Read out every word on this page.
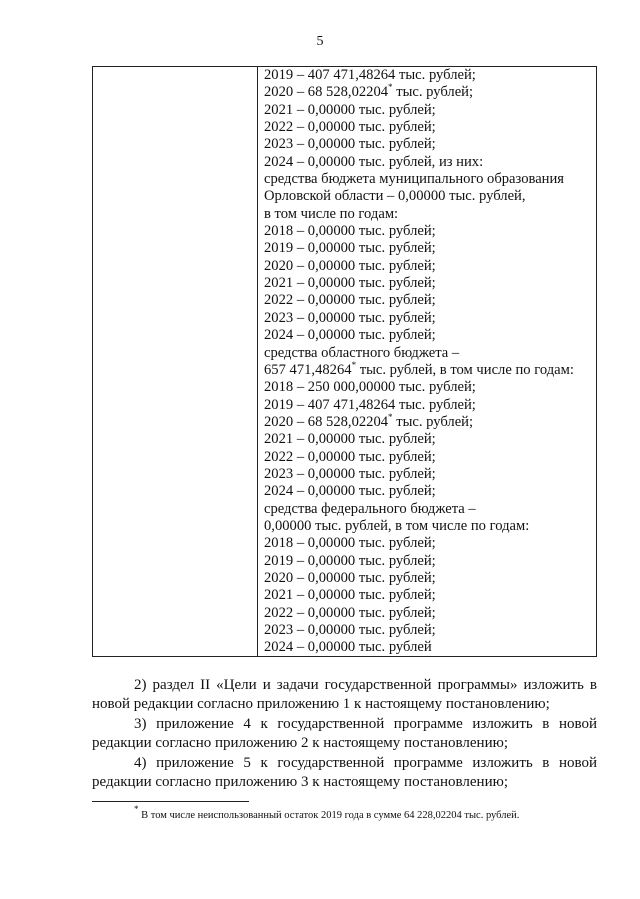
5
2019 – 407 471,48264 тыс. рублей;
2020 – 68 528,02204* тыс. рублей;
2021 – 0,00000 тыс. рублей;
2022 – 0,00000 тыс. рублей;
2023 – 0,00000 тыс. рублей;
2024 – 0,00000 тыс. рублей, из них:
средства бюджета муниципального образования
Орловской области – 0,00000 тыс. рублей,
в том числе по годам:
2018 – 0,00000 тыс. рублей;
2019 – 0,00000 тыс. рублей;
2020 – 0,00000 тыс. рублей;
2021 – 0,00000 тыс. рублей;
2022 – 0,00000 тыс. рублей;
2023 – 0,00000 тыс. рублей;
2024 – 0,00000 тыс. рублей;
средства областного бюджета –
657 471,48264* тыс. рублей, в том числе по годам:
2018 – 250 000,00000 тыс. рублей;
2019 – 407 471,48264 тыс. рублей;
2020 – 68 528,02204* тыс. рублей;
2021 – 0,00000 тыс. рублей;
2022 – 0,00000 тыс. рублей;
2023 – 0,00000 тыс. рублей;
2024 – 0,00000 тыс. рублей;
средства федерального бюджета –
0,00000 тыс. рублей, в том числе по годам:
2018 – 0,00000 тыс. рублей;
2019 – 0,00000 тыс. рублей;
2020 – 0,00000 тыс. рублей;
2021 – 0,00000 тыс. рублей;
2022 – 0,00000 тыс. рублей;
2023 – 0,00000 тыс. рублей;
2024 – 0,00000 тыс. рублей

2) раздел II «Цели и задачи государственной программы» изложить в новой редакции согласно приложению 1 к настоящему постановлению;

3) приложение 4 к государственной программе изложить в новой редакции согласно приложению 2 к настоящему постановлению;

4) приложение 5 к государственной программе изложить в новой редакции согласно приложению 3 к настоящему постановлению;

* В том числе неиспользованный остаток 2019 года в сумме 64 228,02204 тыс. рублей.
